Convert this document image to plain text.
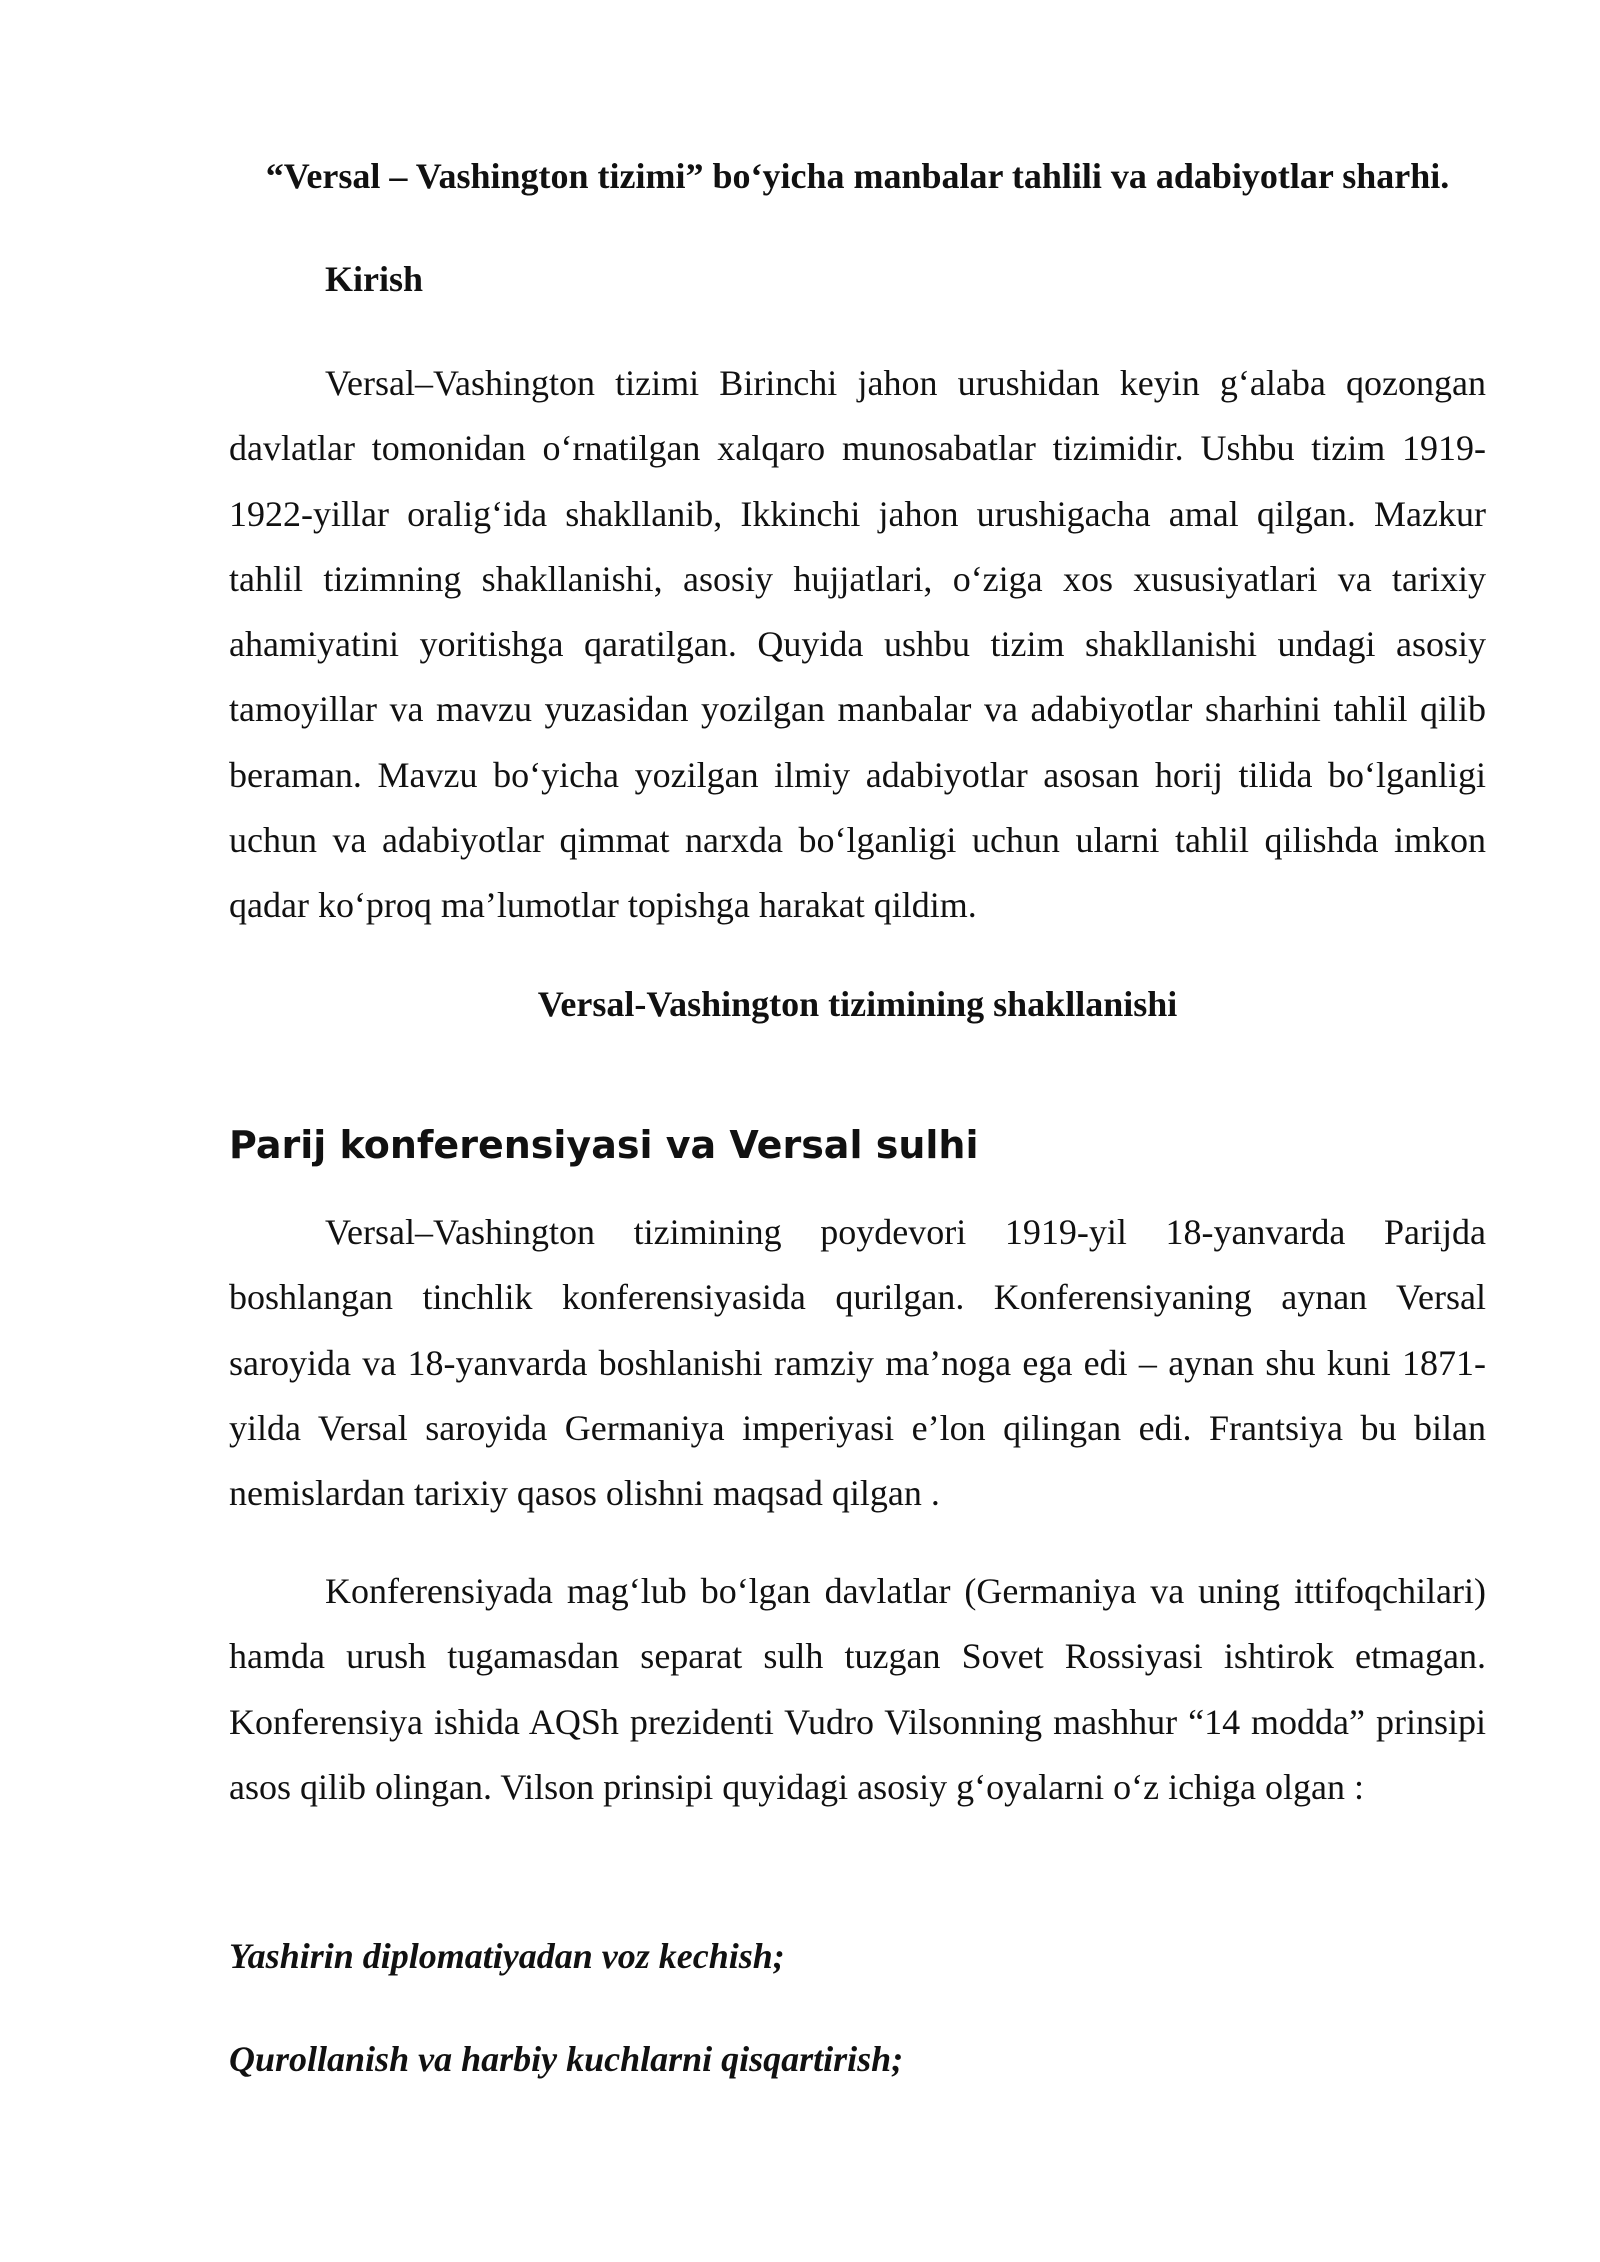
“Versal – Vashington tizimi” bo‘yicha manbalar tahlili va adabiyotlar sharhi.
Kirish

Versal–Vashington tizimi Birinchi jahon urushidan keyin g‘alaba qozongan davlatlar tomonidan o‘rnatilgan xalqaro munosabatlar tizimidir. Ushbu tizim 1919-1922-yillar oralig‘ida shakllanib, Ikkinchi jahon urushigacha amal qilgan. Mazkur tahlil tizimning shakllanishi, asosiy hujjatlari, o‘ziga xos xususiyatlari va tarixiy ahamiyatini yoritishga qaratilgan. Quyida ushbu tizim shakllanishi undagi asosiy tamoyillar va mavzu yuzasidan yozilgan manbalar va adabiyotlar sharhini tahlil qilib beraman. Mavzu bo‘yicha yozilgan ilmiy adabiyotlar asosan horij tilida bo‘lganligi uchun va adabiyotlar qimmat narxda bo‘lganligi uchun ularni tahlil qilishda imkon qadar ko‘proq ma’lumotlar topishga harakat qildim.

Versal-Vashington tizimining shakllanishi
Parij konferensiyasi va Versal sulhi

Versal–Vashington tizimining poydevori 1919-yil 18-yanvarda Parijda boshlangan tinchlik konferensiyasida qurilgan. Konferensiyaning aynan Versal saroyida va 18-yanvarda boshlanishi ramziy ma’noga ega edi – aynan shu kuni 1871-yilda Versal saroyida Germaniya imperiyasi e’lon qilingan edi. Frantsiya bu bilan nemislardan tarixiy qasos olishni maqsad qilgan .

Konferensiyada mag‘lub bo‘lgan davlatlar (Germaniya va uning ittifoqchilari) hamda urush tugamasdan separat sulh tuzgan Sovet Rossiyasi ishtirok etmagan. Konferensiya ishida AQSh prezidenti Vudro Vilsonning mashhur “14 modda” prinsipi asos qilib olingan. Vilson prinsipi quyidagi asosiy g‘oyalarni o‘z ichiga olgan :

Yashirin diplomatiyadan voz kechish;

Qurollanish va harbiy kuchlarni qisqartirish;
